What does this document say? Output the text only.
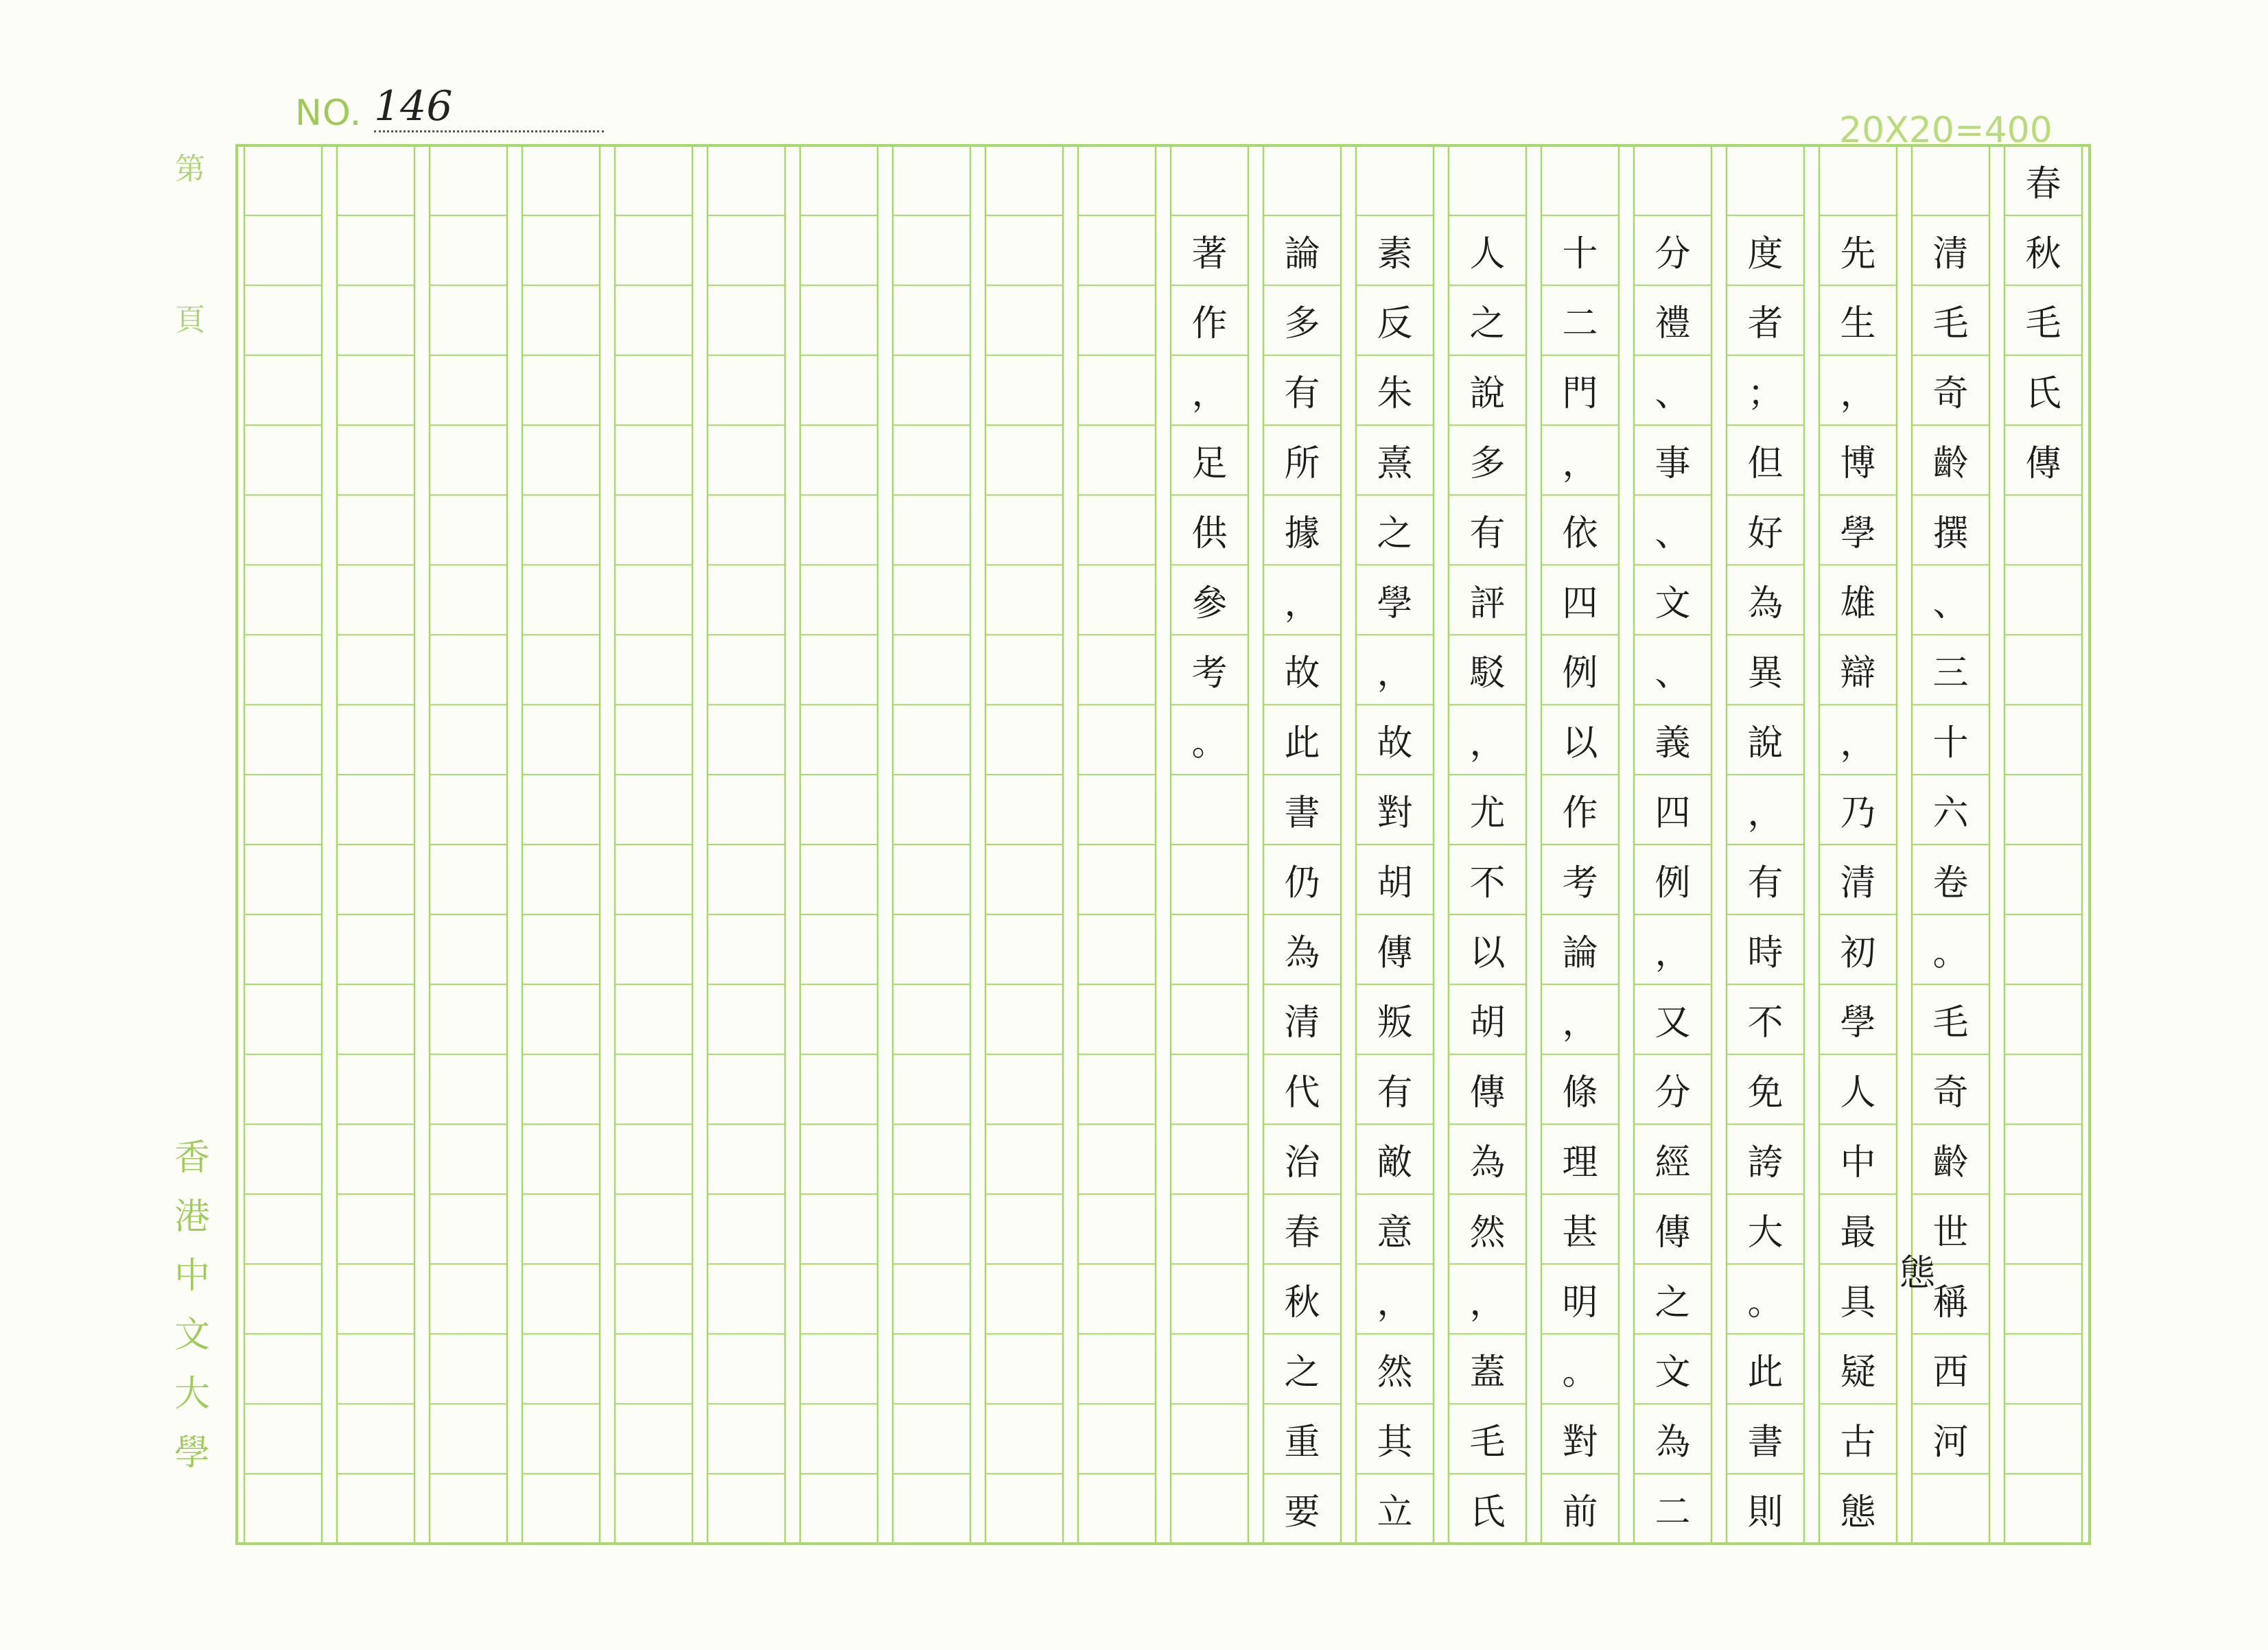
NO. 146	20X20=400
第
頁
香港中文大學
春
秋
毛
氏
傳
清
毛
奇
齡
撰
、
三
十
六
卷
。
毛
奇
齡
世
稱
西
河
先
生
，
博
學
雄
辯
，
乃
清
初
學
人
中
最
具
疑
古
態
度
者
；
但
好
為
異
說
，
有
時
不
免
誇
大
。
此
書
則
分
禮
、
事
、
文
、
義
四
例
，
又
分
經
傳
之
文
為
二
十
二
門
，
依
四
例
以
作
考
論
，
條
理
甚
明
。
對
前
人
之
說
多
有
評
駁
，
尤
不
以
胡
傳
為
然
，
蓋
毛
氏
素
反
朱
熹
之
學
，
故
對
胡
傳
叛
有
敵
意
，
然
其
立
論
多
有
所
據
，
故
此
書
仍
為
清
代
治
春
秋
之
重
要
著
作
，
足
供
參
考
。
態
